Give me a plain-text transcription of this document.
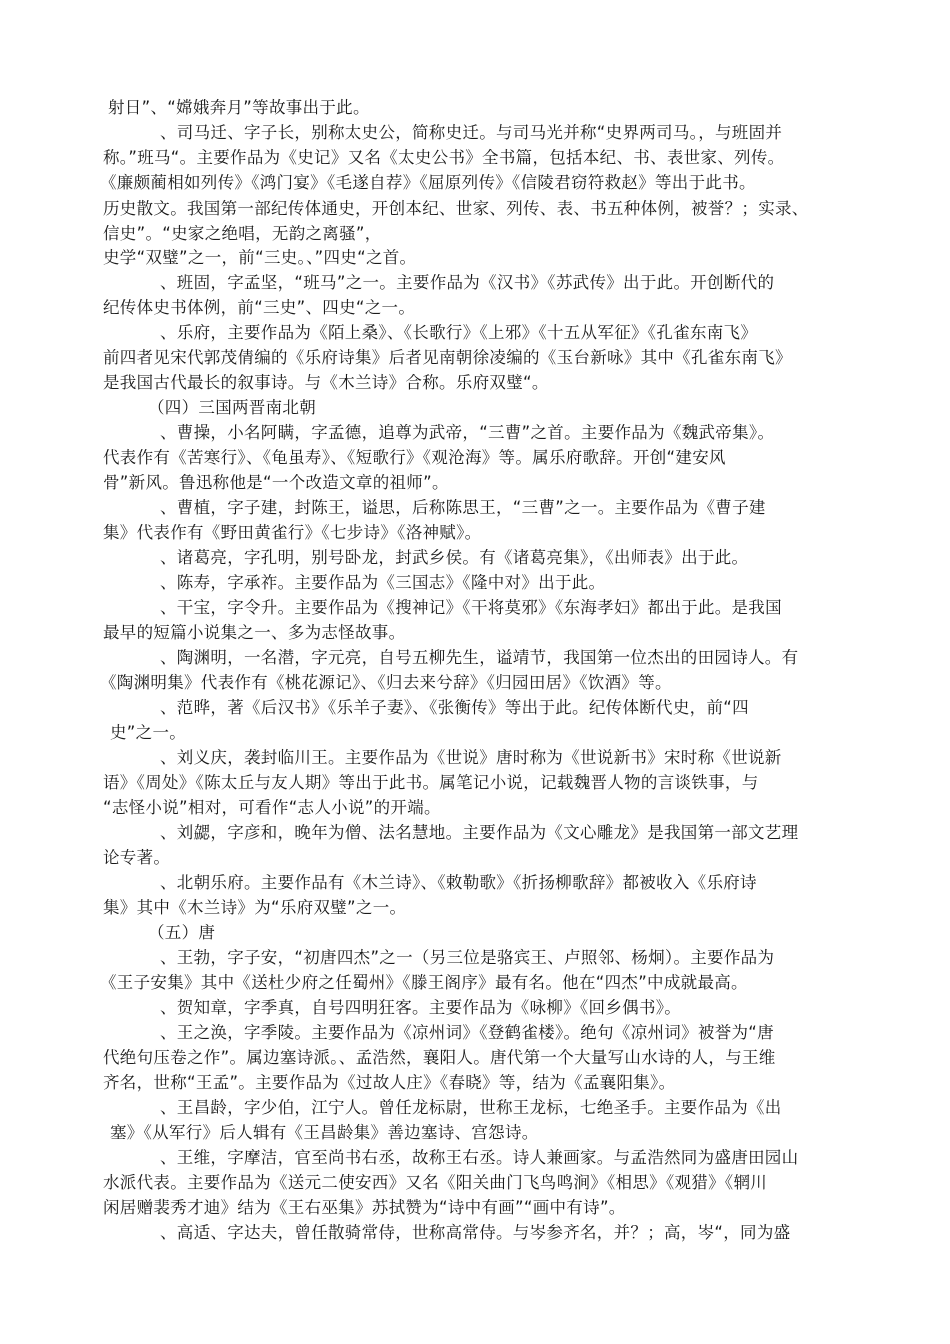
射日”、“嫦娥奔月”等故事出于此。
、司马迁、字子长，别称太史公，简称史迁。与司马光并称“史界两司马。，与班固并
称。”班马“。主要作品为《史记》又名《太史公书》全书篇，包括本纪、书、表世家、列传。
《廉颇蔺相如列传》《鸿门宴》《毛遂自荐》《屈原列传》《信陵君窃符救赵》等出于此书。
历史散文。我国第一部纪传体通史，开创本纪、世家、列传、表、书五种体例，被誉？；实录、
信史”。“史家之绝唱，无韵之离骚”，
史学“双璧”之一，前“三史。、”四史“之首。
、班固，字孟坚，“班马”之一。主要作品为《汉书》《苏武传》出于此。开创断代的
纪传体史书体例，前“三史”、四史“之一。
、乐府，主要作品为《陌上桑》、《长歌行》《上邪》《十五从军征》《孔雀东南飞》
前四者见宋代郭茂倩编的《乐府诗集》后者见南朝徐凌编的《玉台新咏》其中《孔雀东南飞》
是我国古代最长的叙事诗。与《木兰诗》合称。乐府双璧“。
（四）三国两晋南北朝
、曹操，小名阿瞒，字孟德，追尊为武帝，“三曹”之首。主要作品为《魏武帝集》。
代表作有《苦寒行》、《龟虽寿》、《短歌行》《观沧海》等。属乐府歌辞。开创“建安风
骨”新风。鲁迅称他是“一个改造文章的祖师”。
、曹植，字子建，封陈王，谥思，后称陈思王，“三曹”之一。主要作品为《曹子建
集》代表作有《野田黄雀行》《七步诗》《洛神赋》。
、诸葛亮，字孔明，别号卧龙，封武乡侯。有《诸葛亮集》，《出师表》出于此。
、陈寿，字承祚。主要作品为《三国志》《隆中对》出于此。
、干宝，字令升。主要作品为《搜神记》《干将莫邪》《东海孝妇》都出于此。是我国
最早的短篇小说集之一、多为志怪故事。
、陶渊明，一名潜，字元亮，自号五柳先生，谥靖节，我国第一位杰出的田园诗人。有
《陶渊明集》代表作有《桃花源记》、《归去来兮辞》《归园田居》《饮酒》等。
、范晔，著《后汉书》《乐羊子妻》、《张衡传》等出于此。纪传体断代史，前“四
史”之一。
、刘义庆，袭封临川王。主要作品为《世说》唐时称为《世说新书》宋时称《世说新
语》《周处》《陈太丘与友人期》等出于此书。属笔记小说，记载魏晋人物的言谈铁事，与
“志怪小说”相对，可看作“志人小说”的开端。
、刘勰，字彦和，晚年为僧、法名慧地。主要作品为《文心雕龙》是我国第一部文艺理
论专著。
、北朝乐府。主要作品有《木兰诗》、《敕勒歌》《折扬柳歌辞》都被收入《乐府诗
集》其中《木兰诗》为“乐府双璧”之一。
（五）唐
、王勃，字子安，“初唐四杰”之一（另三位是骆宾王、卢照邻、杨炯）。主要作品为
《王子安集》其中《送杜少府之任蜀州》《滕王阁序》最有名。他在“四杰”中成就最高。
、贺知章，字季真，自号四明狂客。主要作品为《咏柳》《回乡偶书》。
、王之涣，字季陵。主要作品为《凉州词》《登鹤雀楼》。绝句《凉州词》被誉为“唐
代绝句压卷之作”。属边塞诗派。、孟浩然，襄阳人。唐代第一个大量写山水诗的人，与王维
齐名，世称“王孟”。主要作品为《过故人庄》《春晓》等，结为《孟襄阳集》。
、王昌龄，字少伯，江宁人。曾任龙标尉，世称王龙标，七绝圣手。主要作品为《出
塞》《从军行》后人辑有《王昌龄集》善边塞诗、宫怨诗。
、王维，字摩洁，官至尚书右丞，故称王右丞。诗人兼画家。与孟浩然同为盛唐田园山
水派代表。主要作品为《送元二使安西》又名《阳关曲门飞鸟鸣涧》《相思》《观猎》《辋川
闲居赠裴秀才迪》结为《王右巫集》苏拭赞为“诗中有画”“画中有诗”。
、高适、字达夫，曾任散骑常侍，世称高常侍。与岑参齐名，并？；高，岑“，同为盛
